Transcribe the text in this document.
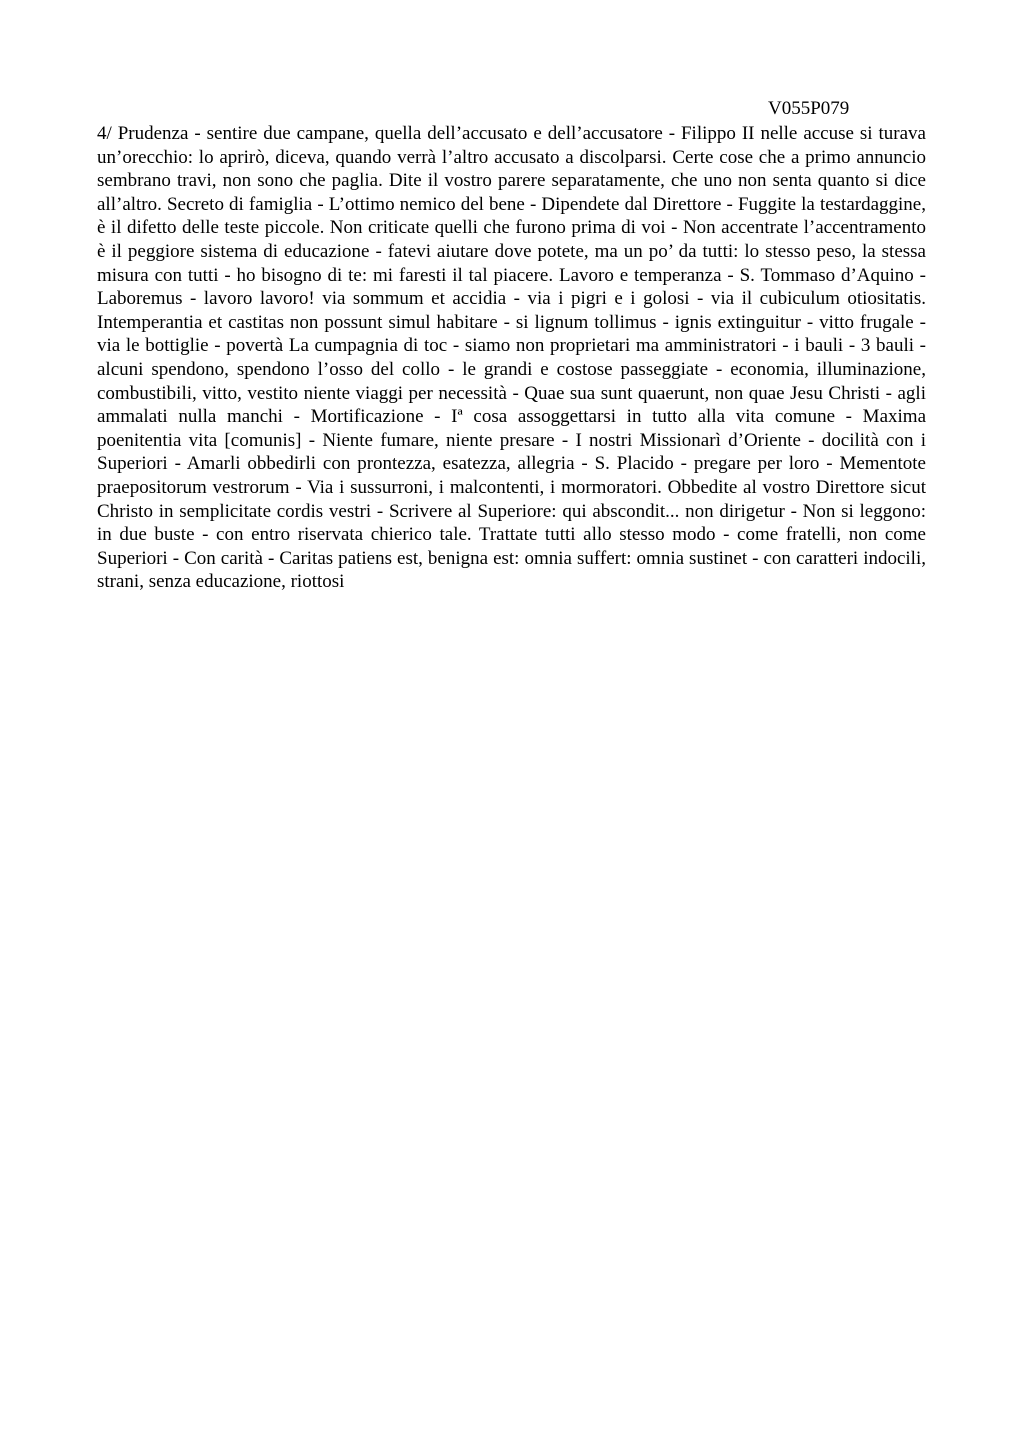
V055P079

4/ Prudenza - sentire due campane, quella dell’accusato e dell’accusatore - Filippo II nelle accuse si turava un’orecchio: lo aprirò, diceva, quando verrà l’altro accusato a discolparsi. Certe cose che a primo annuncio sembrano travi, non sono che paglia. Dite il vostro parere separatamente, che uno non senta quanto si dice all’altro. Secreto di famiglia - L’ottimo nemico del bene - Dipendete dal Direttore - Fuggite la testardaggine, è il difetto delle teste piccole. Non criticate quelli che furono prima di voi - Non accentrate l’accentramento è il peggiore sistema di educazione - fatevi aiutare dove potete, ma un po’ da tutti: lo stesso peso, la stessa misura con tutti - ho bisogno di te: mi faresti il tal piacere. Lavoro e temperanza - S. Tommaso d’Aquino - Laboremus - lavoro lavoro! via sommum et accidia - via i pigri e i golosi - via il cubiculum otiositatis. Intemperantia et castitas non possunt simul habitare - si lignum tollimus - ignis extinguitur - vitto frugale - via le bottiglie - povertà La cumpagnia di toc - siamo non proprietari ma amministratori - i bauli - 3 bauli - alcuni spendono, spendono l’osso del collo - le grandi e costose passeggiate - economia, illuminazione, combustibili, vitto, vestito niente viaggi per necessità - Quae sua sunt quaerunt, non quae Jesu Christi - agli ammalati nulla manchi - Mortificazione - Iª cosa assoggettarsi in tutto alla vita comune - Maxima poenitentia vita [comunis] - Niente fumare, niente presare - I nostri Missionarì d’Oriente - docilità con i Superiori - Amarli obbedirli con prontezza, esatezza, allegria - S. Placido - pregare per loro - Mementote praepositorum vestrorum - Via i sussurroni, i malcontenti, i mormoratori. Obbedite al vostro Direttore sicut Christo in semplicitate cordis vestri - Scrivere al Superiore: qui abscondit... non dirigetur - Non si leggono: in due buste - con entro riservata chierico tale. Trattate tutti allo stesso modo - come fratelli, non come Superiori - Con carità - Caritas patiens est, benigna est: omnia suffert: omnia sustinet - con caratteri indocili, strani, senza educazione, riottosi
